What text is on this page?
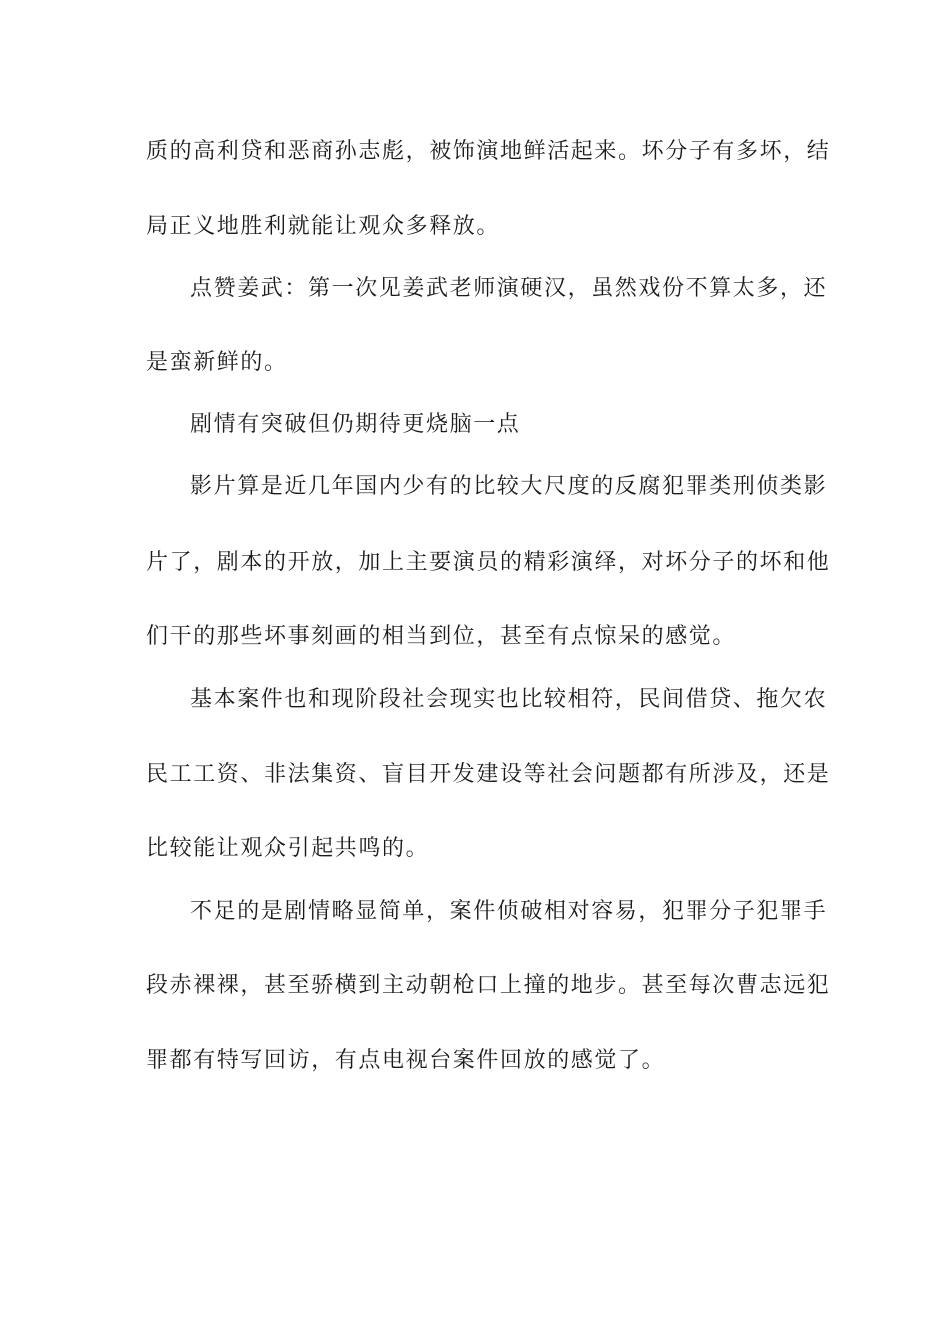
质的高利贷和恶商孙志彪，被饰演地鲜活起来。坏分子有多坏，结
局正义地胜利就能让观众多释放。
点赞姜武：第一次见姜武老师演硬汉，虽然戏份不算太多，还
是蛮新鲜的。
剧情有突破但仍期待更烧脑一点
影片算是近几年国内少有的比较大尺度的反腐犯罪类刑侦类影
片了，剧本的开放，加上主要演员的精彩演绎，对坏分子的坏和他
们干的那些坏事刻画的相当到位，甚至有点惊呆的感觉。
基本案件也和现阶段社会现实也比较相符，民间借贷、拖欠农
民工工资、非法集资、盲目开发建设等社会问题都有所涉及，还是
比较能让观众引起共鸣的。
不足的是剧情略显简单，案件侦破相对容易，犯罪分子犯罪手
段赤裸裸，甚至骄横到主动朝枪口上撞的地步。甚至每次曹志远犯
罪都有特写回访，有点电视台案件回放的感觉了。
